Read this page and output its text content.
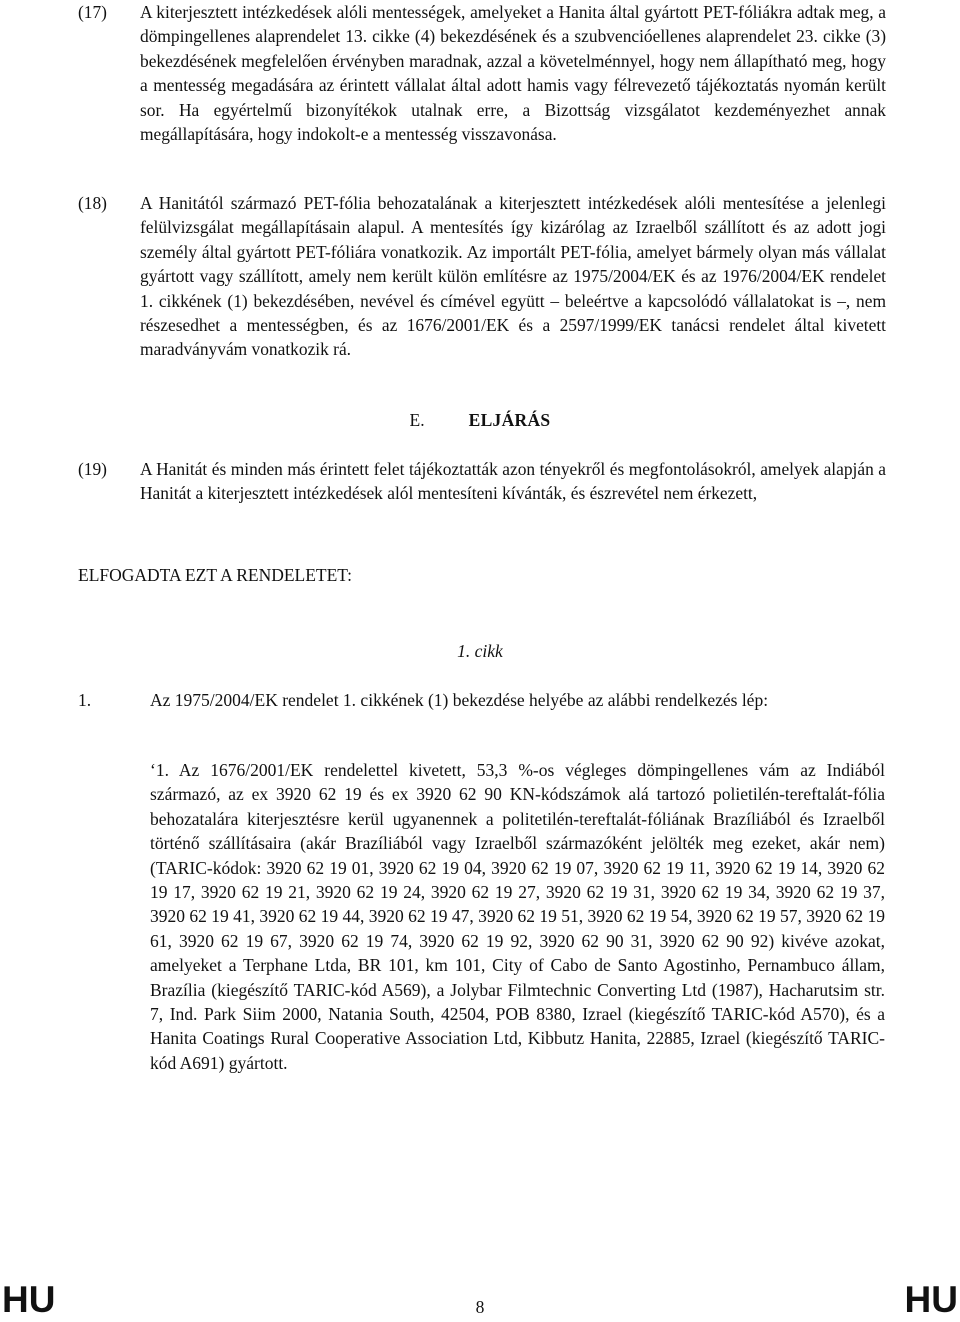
(17)	A kiterjesztett intézkedések alóli mentességek, amelyeket a Hanita által gyártott PET-fóliákra adtak meg, a dömpingellenes alaprendelet 13. cikke (4) bekezdésének és a szubvencióellenes alaprendelet 23. cikke (3) bekezdésének megfelelően érvényben maradnak, azzal a követelménnyel, hogy nem állapítható meg, hogy a mentesség megadására az érintett vállalat által adott hamis vagy félrevezető tájékoztatás nyomán került sor. Ha egyértelmű bizonyítékok utalnak erre, a Bizottság vizsgálatot kezdeményezhet annak megállapítására, hogy indokolt-e a mentesség visszavonása.
(18)	A Hanitától származó PET-fólia behozatalának a kiterjesztett intézkedések alóli mentesítése a jelenlegi felülvizsgálat megállapításain alapul. A mentesítés így kizárólag az Izraelből szállított és az adott jogi személy által gyártott PET-fóliára vonatkozik. Az importált PET-fólia, amelyet bármely olyan más vállalat gyártott vagy szállított, amely nem került külön említésre az 1975/2004/EK és az 1976/2004/EK rendelet 1. cikkének (1) bekezdésében, nevével és címével együtt – beleértve a kapcsolódó vállalatokat is –, nem részesedhet a mentességben, és az 1676/2001/EK és a 2597/1999/EK tanácsi rendelet által kivetett maradványvám vonatkozik rá.
E.	ELJÁRÁS
(19)	A Hanitát és minden más érintett felet tájékoztatták azon tényekről és megfontolásokról, amelyek alapján a Hanitát a kiterjesztett intézkedések alól mentesíteni kívánták, és észrevétel nem érkezett,
ELFOGADTA EZT A RENDELETET:
1. cikk
1.	Az 1975/2004/EK rendelet 1. cikkének (1) bekezdése helyébe az alábbi rendelkezés lép:
‘1. Az 1676/2001/EK rendelettel kivetett, 53,3 %-os végleges dömpingellenes vám az Indiából származó, az ex 3920 62 19 és ex 3920 62 90 KN-kódszámok alá tartozó polietilén-tereftalát-fólia behozatalára kiterjesztésre kerül ugyanennek a politetilén-tereftalát-fóliának Brazíliából és Izraelből történő szállításaira (akár Brazíliából vagy Izraelből származóként jelölték meg ezeket, akár nem) (TARIC-kódok: 3920 62 19 01, 3920 62 19 04, 3920 62 19 07, 3920 62 19 11, 3920 62 19 14, 3920 62 19 17, 3920 62 19 21, 3920 62 19 24, 3920 62 19 27, 3920 62 19 31, 3920 62 19 34, 3920 62 19 37, 3920 62 19 41, 3920 62 19 44, 3920 62 19 47, 3920 62 19 51, 3920 62 19 54, 3920 62 19 57, 3920 62 19 61, 3920 62 19 67, 3920 62 19 74, 3920 62 19 92, 3920 62 90 31, 3920 62 90 92) kivéve azokat, amelyeket a Terphane Ltda, BR 101, km 101, City of Cabo de Santo Agostinho, Pernambuco állam, Brazília (kiegészítő TARIC-kód A569), a Jolybar Filmtechnic Converting Ltd (1987), Hacharutsim str. 7, Ind. Park Siim 2000, Natania South, 42504, POB 8380, Izrael (kiegészítő TARIC-kód A570), és a Hanita Coatings Rural Cooperative Association Ltd, Kibbutz Hanita, 22885, Izrael (kiegészítő TARIC-kód A691) gyártott.
HU	8	HU
